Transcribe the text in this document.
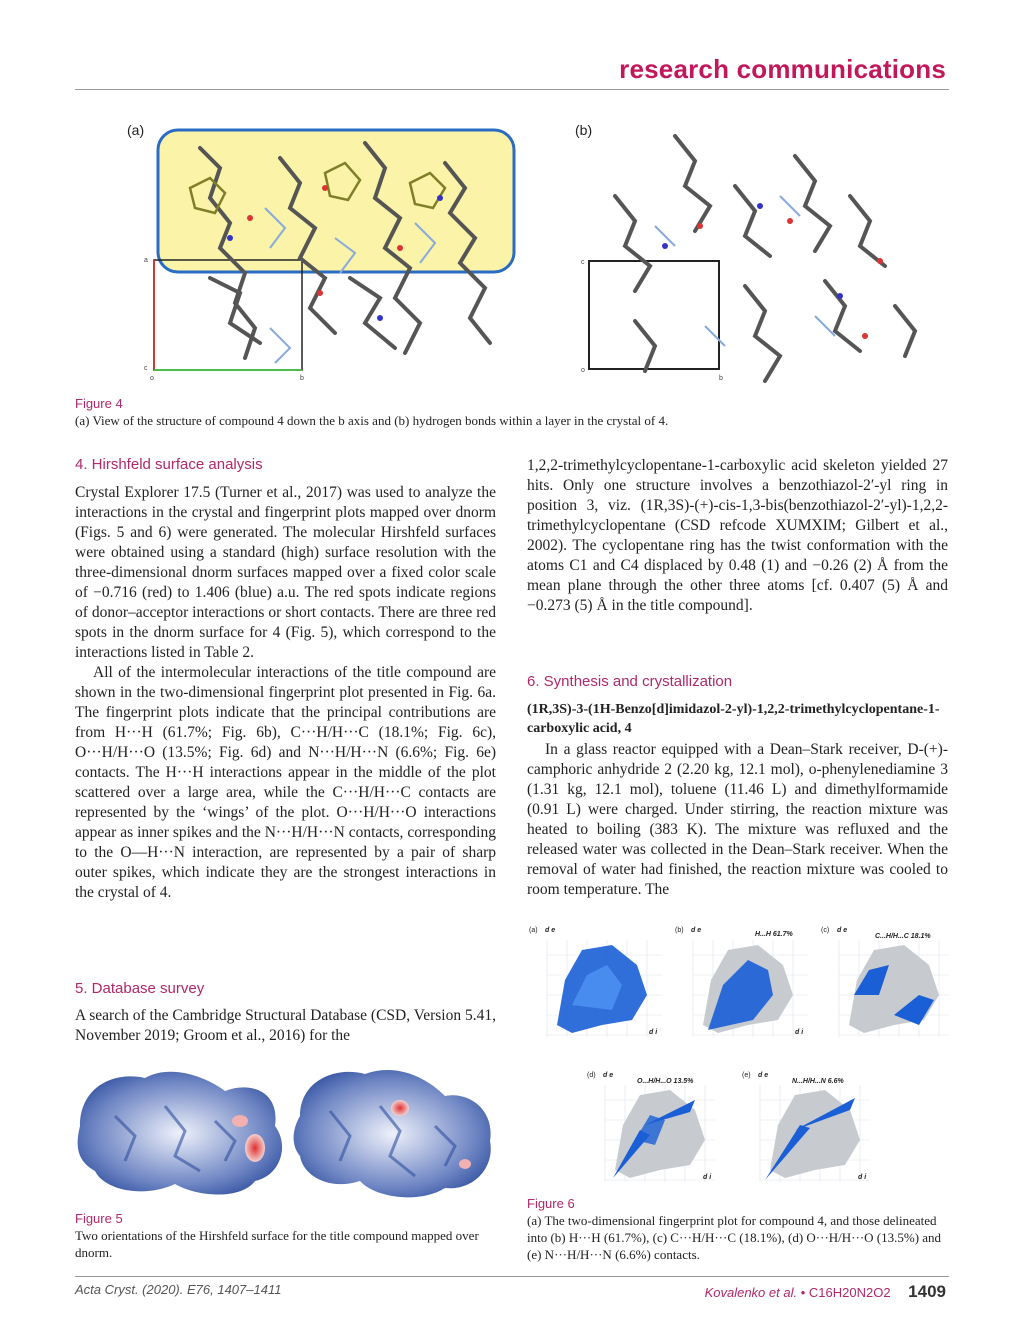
research communications
(a)	(b)
a
c
o	b
c
o
b
Figure 4
(a) View of the structure of compound 4 down the b axis and (b) hydrogen bonds within a layer in the crystal of 4.
4. Hirshfeld surface analysis

Crystal Explorer 17.5 (Turner et al., 2017) was used to analyze the interactions in the crystal and fingerprint plots mapped over dnorm (Figs. 5 and 6) were generated. The molecular Hirshfeld surfaces were obtained using a standard (high) surface resolution with the three-dimensional dnorm surfaces mapped over a fixed color scale of −0.716 (red) to 1.406 (blue) a.u. The red spots indicate regions of donor–acceptor interactions or short contacts. There are three red spots in the dnorm surface for 4 (Fig. 5), which correspond to the interactions listed in Table 2.

All of the intermolecular interactions of the title compound are shown in the two-dimensional fingerprint plot presented in Fig. 6a. The fingerprint plots indicate that the principal contributions are from H···H (61.7%; Fig. 6b), C···H/H···C (18.1%; Fig. 6c), O···H/H···O (13.5%; Fig. 6d) and N···H/H···N (6.6%; Fig. 6e) contacts. The H···H interactions appear in the middle of the plot scattered over a large area, while the C···H/H···C contacts are represented by the ‘wings’ of the plot. O···H/H···O interactions appear as inner spikes and the N···H/H···N contacts, corresponding to the O—H···N interaction, are represented by a pair of sharp outer spikes, which indicate they are the strongest interactions in the crystal of 4.

5. Database survey
A search of the Cambridge Structural Database (CSD, Version 5.41, November 2019; Groom et al., 2016) for the
Figure 5
Two orientations of the Hirshfeld surface for the title compound mapped over dnorm.
1,2,2-trimethylcyclopentane-1-carboxylic acid skeleton yielded 27 hits. Only one structure involves a benzothiazol-2′-yl ring in position 3, viz. (1R,3S)-(+)-cis-1,3-bis(benzothiazol-2′-yl)-1,2,2-trimethylcyclopentane (CSD refcode XUMXIM; Gilbert et al., 2002). The cyclopentane ring has the twist conformation with the atoms C1 and C4 displaced by 0.48 (1) and −0.26 (2) Å from the mean plane through the other three atoms [cf. 0.407 (5) Å and −0.273 (5) Å in the title compound].
6. Synthesis and crystallization
(1R,3S)-3-(1H-Benzo[d]imidazol-2-yl)-1,2,2-trimethylcyclopentane-1-carboxylic acid, 4
In a glass reactor equipped with a Dean–Stark receiver, D-(+)-camphoric anhydride 2 (2.20 kg, 12.1 mol), o-phenylenediamine 3 (1.31 kg, 12.1 mol), toluene (11.46 L) and dimethylformamide (0.91 L) were charged. Under stirring, the reaction mixture was heated to boiling (383 K). The mixture was refluxed and the released water was collected in the Dean–Stark receiver. When the removal of water had finished, the reaction mixture was cooled to room temperature. The
(a) d e
d i
(b) d e
H...H 61.7%
d i
(c) d e
C...H/H...C 18.1%
(d) d e
O...H/H...O 13.5%
d i
(e) d e
N...H/H...N 6.6%
d i
Figure 6
(a) The two-dimensional fingerprint plot for compound 4, and those delineated into (b) H···H (61.7%), (c) C···H/H···C (18.1%), (d) O···H/H···O (13.5%) and (e) N···H/H···N (6.6%) contacts.
Acta Cryst. (2020). E76, 1407–1411	Kovalenko et al. • C16H20N2O2 1409
